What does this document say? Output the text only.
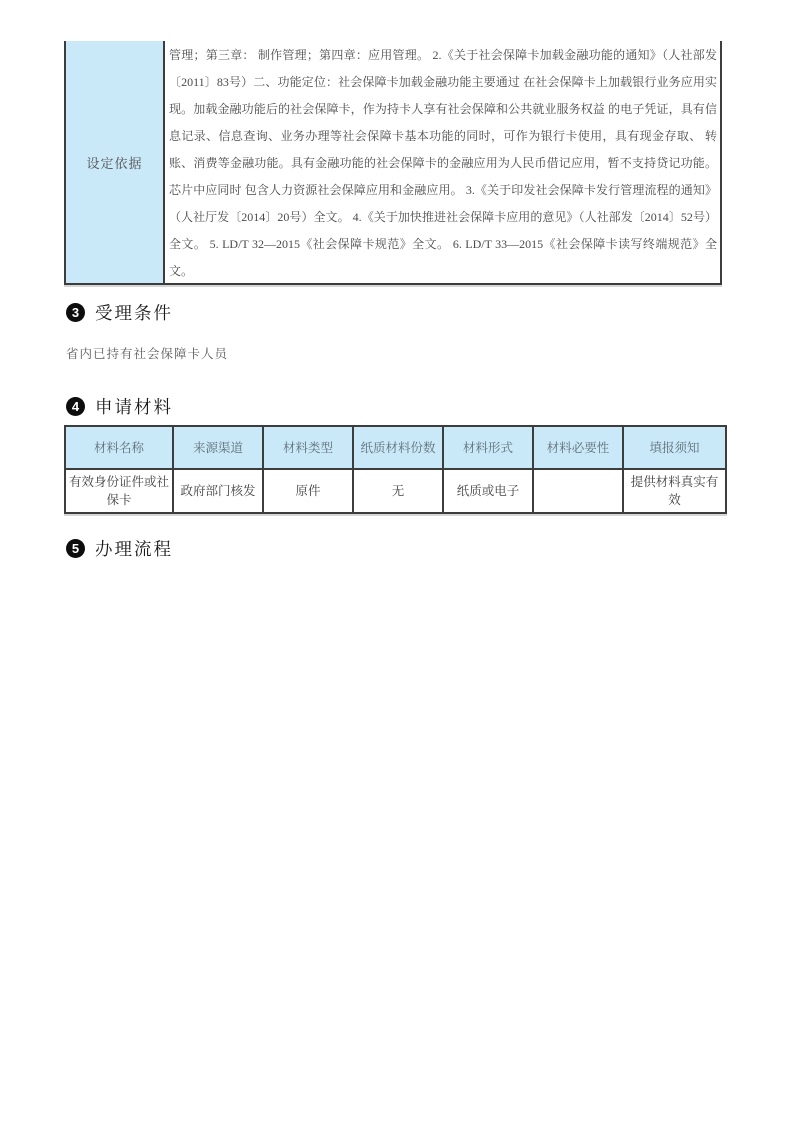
设定依据
管理；第三章： 制作管理；第四章：应用管理。 2.《关于社会保障卡加载金融功能的通知》（人社部发〔2011〕83号）二、功能定位：社会保障卡加载金融功能主要通过 在社会保障卡上加载银行业务应用实现。加载金融功能后的社会保障卡，作为持卡人享有社会保障和公共就业服务权益 的电子凭证，具有信息记录、信息查询、业务办理等社会保障卡基本功能的同时，可作为银行卡使用，具有现金存取、 转账、消费等金融功能。具有金融功能的社会保障卡的金融应用为人民币借记应用，暂不支持贷记功能。芯片中应同时 包含人力资源社会保障应用和金融应用。 3.《关于印发社会保障卡发行管理流程的通知》（人社厅发〔2014〕20号）全文。 4.《关于加快推进社会保障卡应用的意见》（人社部发〔2014〕52号）全文。 5. LD/T 32—2015《社会保障卡规范》全文。 6. LD/T 33—2015《社会保障卡读写终端规范》全文。
3 受理条件
省内已持有社会保障卡人员
4 申请材料
材料名称	来源渠道	材料类型	纸质材料份数	材料形式	材料必要性	填报须知
有效身份证件或社保卡	政府部门核发	原件	无	纸质或电子		提供材料真实有效
5 办理流程
